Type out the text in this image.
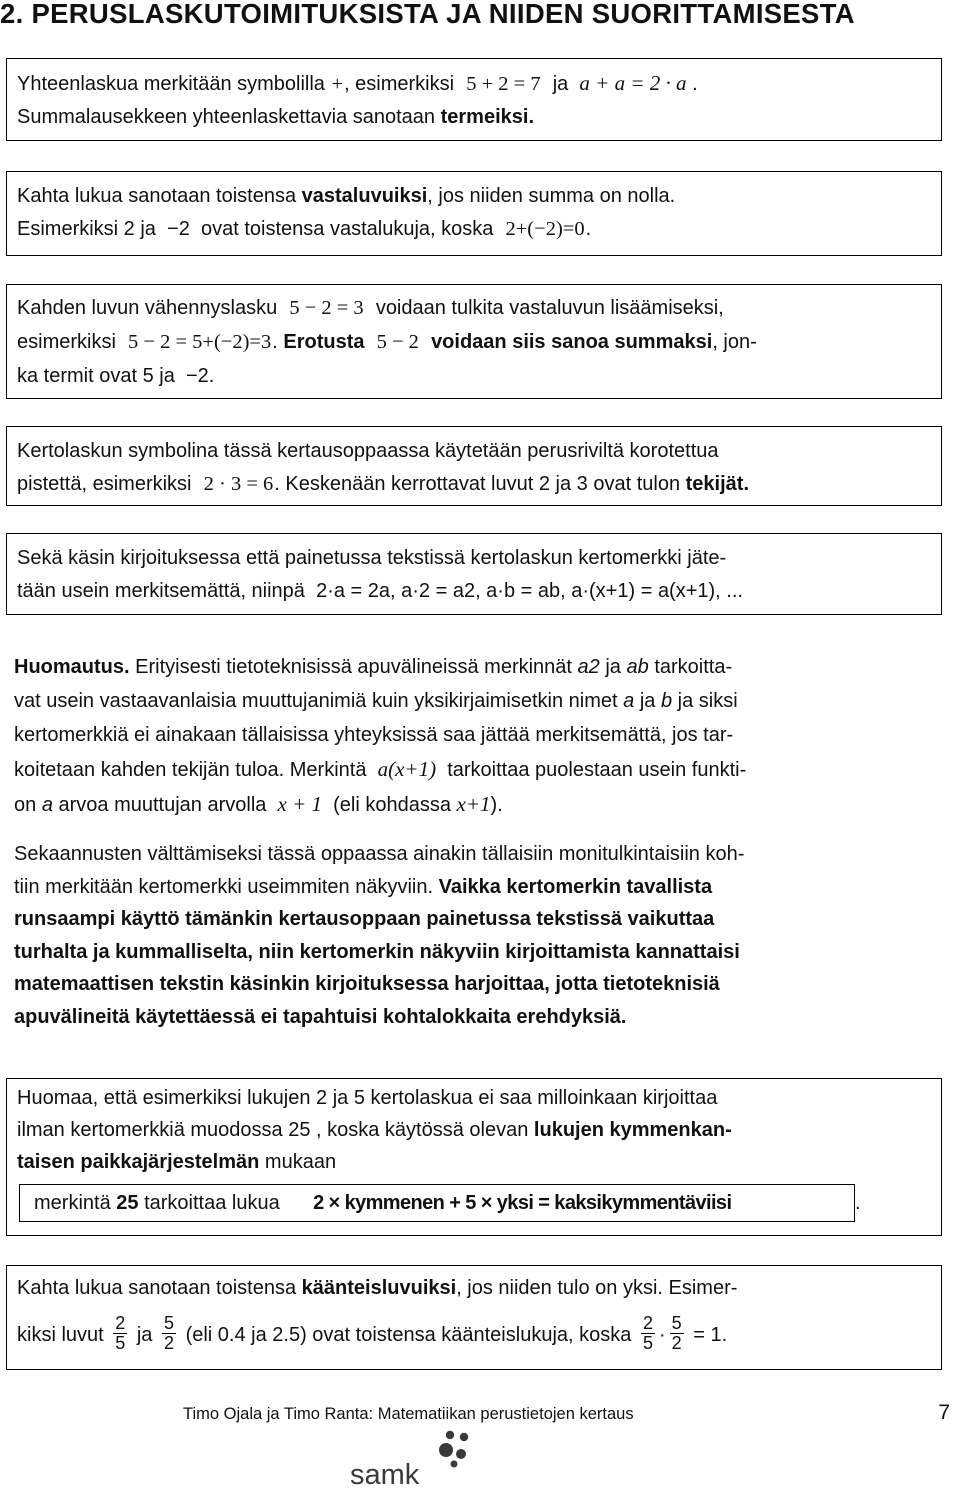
2. PERUSLASKUTOIMITUKSISTA JA NIIDEN SUORITTAMISESTA

Yhteenlaskua merkitään symbolilla +, esimerkiksi 5 + 2 = 7 ja a + a = 2 · a .

Summalausekkeen yhteenlaskettavia sanotaan termeiksi.

Kahta lukua sanotaan toistensa vastaluvuiksi, jos niiden summa on nolla.

Esimerkiksi 2 ja −2 ovat toistensa vastalukuja, koska 2+(−2)=0.

Kahden luvun vähennyslasku 5 − 2 = 3 voidaan tulkita vastaluvun lisäämiseksi,

esimerkiksi 5 − 2 = 5+(−2)=3. Erotusta 5 − 2 voidaan siis sanoa summaksi, jon-

ka termit ovat 5 ja −2.

Kertolaskun symbolina tässä kertausoppaassa käytetään perusriviltä korotettua

pistettä, esimerkiksi 2 · 3 = 6. Keskenään kerrottavat luvut 2 ja 3 ovat tulon tekijät.

Sekä käsin kirjoituksessa että painetussa tekstissä kertolaskun kertomerkki jäte-

tään usein merkitsemättä, niinpä 2·a = 2a, a·2 = a2, a·b = ab, a·(x+1) = a(x+1), ...

Huomautus. Erityisesti tietoteknisissä apuvälineissä merkinnät a2 ja ab tarkoitta-
vat usein vastaavanlaisia muuttujanimiä kuin yksikirjaimisetkin nimet a ja b ja siksi
kertomerkkiä ei ainakaan tällaisissa yhteyksissä saa jättää merkitsemättä, jos tar-
koitetaan kahden tekijän tuloa. Merkintä a(x+1) tarkoittaa puolestaan usein funkti-
on a arvoa muuttujan arvolla x + 1 (eli kohdassa x+1).
Sekaannusten välttämiseksi tässä oppaassa ainakin tällaisiin monitulkintaisiin koh-
tiin merkitään kertomerkki useimmiten näkyviin. Vaikka kertomerkin tavallista
runsaampi käyttö tämänkin kertausoppaan painetussa tekstissä vaikuttaa
turhalta ja kummalliselta, niin kertomerkin näkyviin kirjoittamista kannattaisi
matemaattisen tekstin käsinkin kirjoituksessa harjoittaa, jotta tietoteknisiä
apuvälineitä käytettäessä ei tapahtuisi kohtalokkaita erehdyksiä.

Huomaa, että esimerkiksi lukujen 2 ja 5 kertolaskua ei saa milloinkaan kirjoittaa

ilman kertomerkkiä muodossa 25 , koska käytössä olevan lukujen kymmenkan-

taisen paikkajärjestelmän mukaan

merkintä 25 tarkoittaa lukua 2 × kymmenen + 5 × yksi = kaksikymmentäviisi	.

Kahta lukua sanotaan toistensa käänteisluvuiksi, jos niiden tulo on yksi. Esimer-

kiksi luvut $\frac{2}{5}$ ja $\frac{5}{2} (eli$ 0.4 ja 2.5) ovat toistensa käänteislukuja, koska $\frac{2}{5} \cdot \frac{5}{2} = 1$.

Timo Ojala ja Timo Ranta: Matematiikan perustietojen kertaus	7

samk
